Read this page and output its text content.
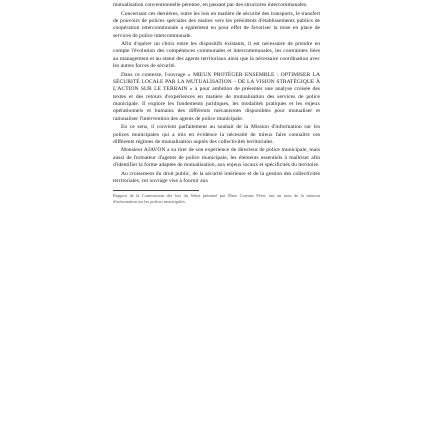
mutualisation conventionnelle pérenne, en passant par des structures intercommunales.

Concernant ces dernières, outre les lois en matière de sécurité des transports, le transfert de pouvoirs de polices spéciales des maires vers les présidents d'établissements publics de coopération intercommunale a également eu pour effet de favoriser la mise en place de services de police intercommunale.

Afin d'opérer un choix entre les dispositifs existants, il est nécessaire de prendre en compte l'évolution des compétences communales et intercommunales, les contraintes liées au management et au statut des agents territoriaux ainsi que la nécessaire coordination avec les autres forces de sécurité.

Dans ce contexte, l'ouvrage « MIEUX PROTÉGER ENSEMBLE : OPTIMISER LA SÉCURITÉ LOCALE PAR LA MUTUALISATION – DE LA VISION STRATÉGIQUE À L'ACTION SUR LE TERRAIN » a pour ambition de présenter une analyse croisée des textes et des retours d'expériences en matière de mutualisation des services de police municipale. Il explore les fondements juridiques, les modalités pratiques et les enjeux opérationnels et humains des différents mécanismes disponibles pour mutualiser et rationaliser l'intervention des agents de police municipale.

En ce sens, il convient parfaitement au souhait de la Mission d'information sur les polices municipales qui a mis en évidence la nécessité de mieux faire connaître ces différents régimes de mutualisation auprès des collectivités territoriales.

Monsieur AJAVON a su tirer de son expérience de directeur de police municipale, mais aussi de formateur d'agents de police municipale, les éléments essentiels à maîtriser afin d'identifier la forme adaptée de mutualisation, aux enjeux locaux et spécificités du territoire.

Au croisement du droit public, de la sécurité intérieure et de la gestion des collectivités territoriales, cet ouvrage vise à fournir aux

Rapport de la Commission des lois du Sénat présenté par Mme Corinne Féret, fait au nom de la mission d'information sur les polices municipales
